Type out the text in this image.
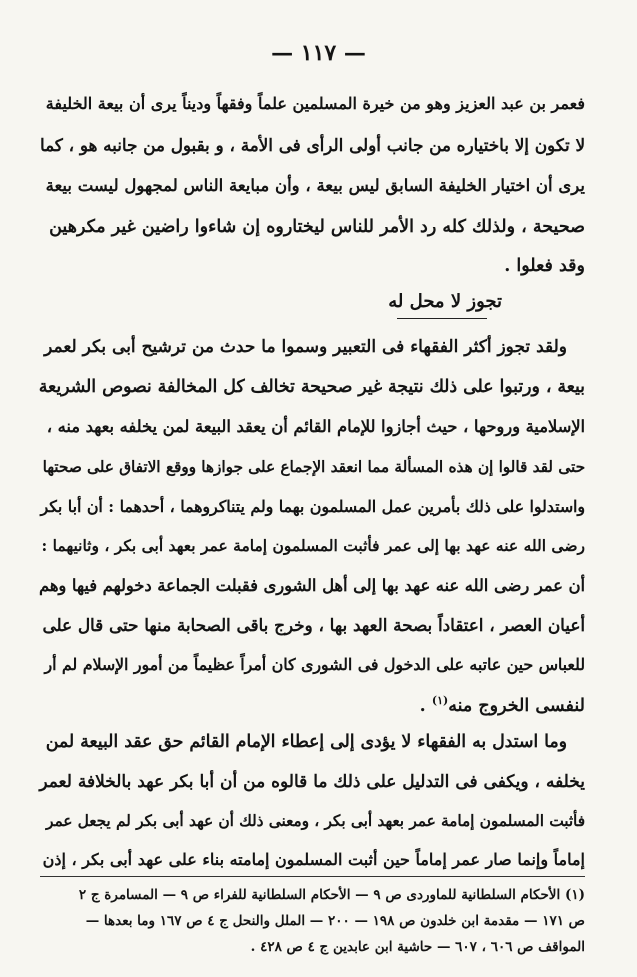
— ١١٧ —
فعمر بن عبد العزيز وهو من خيرة المسلمين علماً وفقهاً وديناً يرى أن بيعة الخليفة
لا تكون إلا باختياره من جانب أولى الرأى فى الأمة ، و بقبول من جانبه هو ، كما
يرى أن اختيار الخليفة السابق ليس بيعة ، وأن مبايعة الناس لمجهول ليست بيعة
صحيحة ، ولذلك كله رد الأمر للناس ليختاروه إن شاءوا راضين غير مكرهين
وقد فعلوا .
تجوز لا محل له
ولقد تجوز أكثر الفقهاء فى التعبير وسموا ما حدث من ترشيح أبى بكر لعمر
بيعة ، ورتبوا على ذلك نتيجة غير صحيحة تخالف كل المخالفة نصوص الشريعة
الإسلامية وروحها ، حيث أجازوا للإمام القائم أن يعقد البيعة لمن يخلفه بعهد منه ،
حتى لقد قالوا إن هذه المسألة مما انعقد الإجماع على جوازها ووقع الاتفاق على صحتها
واستدلوا على ذلك بأمرين عمل المسلمون بهما ولم يتناكروهما ، أحدهما : أن أبا بكر
رضى الله عنه عهد بها إلى عمر فأثبت المسلمون إمامة عمر بعهد أبى بكر ، وثانيهما :
أن عمر رضى الله عنه عهد بها إلى أهل الشورى فقبلت الجماعة دخولهم فيها وهم
أعيان العصر ، اعتقاداً بصحة العهد بها ، وخرج باقى الصحابة منها حتى قال على
للعباس حين عاتبه على الدخول فى الشورى كان أمراً عظيماً من أمور الإسلام لم أر
لنفسى الخروج منه$^{(١)}$ .
وما استدل به الفقهاء لا يؤدى إلى إعطاء الإمام القائم حق عقد البيعة لمن
يخلفه ، ويكفى فى التدليل على ذلك ما قالوه من أن أبا بكر عهد بالخلافة لعمر
فأثبت المسلمون إمامة عمر بعهد أبى بكر ، ومعنى ذلك أن عهد أبى بكر لم يجعل عمر
إماماً وإنما صار عمر إماماً حين أثبت المسلمون إمامته بناء على عهد أبى بكر ، إذن
(١) الأحكام السلطانية للماوردى ص ٩ — الأحكام السلطانية للفراء ص ٩ — المسامرة ج ٢
ص ١٧١ — مقدمة ابن خلدون ص ١٩٨ — ٢٠٠ — الملل والنحل ج ٤ ص ١٦٧ وما بعدها —
المواقف ص ٦٠٦ ، ٦٠٧ — حاشية ابن عابدين ج ٤ ص ٤٢٨ .
